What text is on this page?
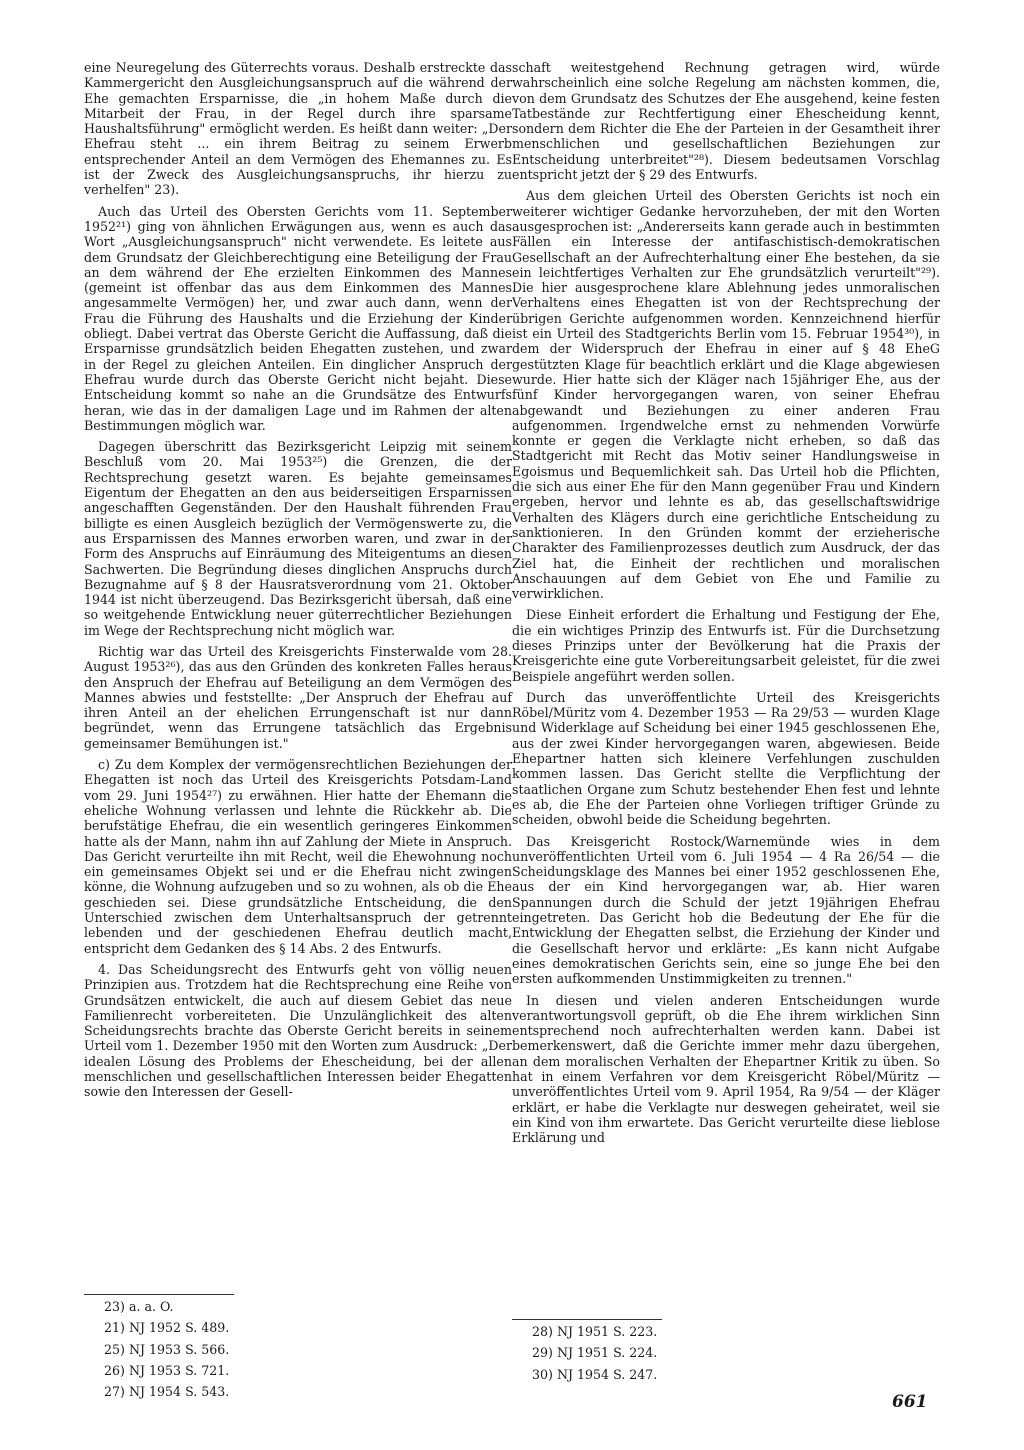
eine Neuregelung des Güterrechts voraus. Deshalb erstreckte das Kammergericht den Ausgleichungsanspruch auf die während der Ehe gemachten Ersparnisse, die „in hohem Maße durch die Mitarbeit der Frau, in der Regel durch ihre sparsame Haushaltsführung" ermöglicht werden. Es heißt dann weiter: „Der Ehefrau steht ... ein ihrem Beitrag zu seinem Erwerb entsprechender Anteil an dem Vermögen des Ehemannes zu. Es ist der Zweck des Ausgleichungsanspruchs, ihr hierzu zu verhelfen" 23).

Auch das Urteil des Obersten Gerichts vom 11. September 1952²¹) ging von ähnlichen Erwägungen aus, wenn es auch das Wort „Ausgleichungsanspruch" nicht verwendete. Es leitete aus dem Grundsatz der Gleichberechtigung eine Beteiligung der Frau an dem während der Ehe erzielten Einkommen des Mannes (gemeint ist offenbar das aus dem Einkommen des Mannes angesammelte Vermögen) her, und zwar auch dann, wenn der Frau die Führung des Haushalts und die Erziehung der Kinder obliegt. Dabei vertrat das Oberste Gericht die Auffassung, daß die Ersparnisse grundsätzlich beiden Ehegatten zustehen, und zwar in der Regel zu gleichen Anteilen. Ein dinglicher Anspruch der Ehefrau wurde durch das Oberste Gericht nicht bejaht. Diese Entscheidung kommt so nahe an die Grundsätze des Entwurfs heran, wie das in der damaligen Lage und im Rahmen der alten Bestimmungen möglich war.

Dagegen überschritt das Bezirksgericht Leipzig mit seinem Beschluß vom 20. Mai 1953²⁵) die Grenzen, die der Rechtsprechung gesetzt waren. Es bejahte gemeinsames Eigentum der Ehegatten an den aus beiderseitigen Ersparnissen angeschafften Gegenständen. Der den Haushalt führenden Frau billigte es einen Ausgleich bezüglich der Vermögenswerte zu, die aus Ersparnissen des Mannes erworben waren, und zwar in der Form des Anspruchs auf Einräumung des Miteigentums an diesen Sachwerten. Die Begründung dieses dinglichen Anspruchs durch Bezugnahme auf § 8 der Hausratsverordnung vom 21. Oktober 1944 ist nicht überzeugend. Das Bezirksgericht übersah, daß eine so weitgehende Entwicklung neuer güterrechtlicher Beziehungen im Wege der Rechtsprechung nicht möglich war.

Richtig war das Urteil des Kreisgerichts Finsterwalde vom 28. August 1953²⁶), das aus den Gründen des konkreten Falles heraus den Anspruch der Ehefrau auf Beteiligung an dem Vermögen des Mannes abwies und feststellte: „Der Anspruch der Ehefrau auf ihren Anteil an der ehelichen Errungenschaft ist nur dann begründet, wenn das Errungene tatsächlich das Ergebnis gemeinsamer Bemühungen ist."

c) Zu dem Komplex der vermögensrechtlichen Beziehungen der Ehegatten ist noch das Urteil des Kreisgerichts Potsdam-Land vom 29. Juni 1954²⁷) zu erwähnen. Hier hatte der Ehemann die eheliche Wohnung verlassen und lehnte die Rückkehr ab. Die berufstätige Ehefrau, die ein wesentlich geringeres Einkommen hatte als der Mann, nahm ihn auf Zahlung der Miete in Anspruch. Das Gericht verurteilte ihn mit Recht, weil die Ehewohnung noch ein gemeinsames Objekt sei und er die Ehefrau nicht zwingen könne, die Wohnung aufzugeben und so zu wohnen, als ob die Ehe geschieden sei. Diese grundsätzliche Entscheidung, die den Unterschied zwischen dem Unterhaltsanspruch der getrennt lebenden und der geschiedenen Ehefrau deutlich macht, entspricht dem Gedanken des § 14 Abs. 2 des Entwurfs.

4. Das Scheidungsrecht des Entwurfs geht von völlig neuen Prinzipien aus. Trotzdem hat die Rechtsprechung eine Reihe von Grundsätzen entwickelt, die auch auf diesem Gebiet das neue Familienrecht vorbereiteten. Die Unzulänglichkeit des alten Scheidungsrechts brachte das Oberste Gericht bereits in seinem Urteil vom 1. Dezember 1950 mit den Worten zum Ausdruck: „Der idealen Lösung des Problems der Ehescheidung, bei der allen menschlichen und gesellschaftlichen Interessen beider Ehegatten sowie den Interessen der Gesell-

23) a. a. O.

21) NJ 1952 S. 489.

25) NJ 1953 S. 566.

26) NJ 1953 S. 721.

27) NJ 1954 S. 543.

schaft weitestgehend Rechnung getragen wird, würde wahrscheinlich eine solche Regelung am nächsten kommen, die, von dem Grundsatz des Schutzes der Ehe ausgehend, keine festen Tatbestände zur Rechtfertigung einer Ehescheidung kennt, sondern dem Richter die Ehe der Parteien in der Gesamtheit ihrer menschlichen und gesellschaftlichen Beziehungen zur Entscheidung unterbreitet"²⁸). Diesem bedeutsamen Vorschlag entspricht jetzt der § 29 des Entwurfs.

Aus dem gleichen Urteil des Obersten Gerichts ist noch ein weiterer wichtiger Gedanke hervorzuheben, der mit den Worten ausgesprochen ist: „Andererseits kann gerade auch in bestimmten Fällen ein Interesse der antifaschistisch-demokratischen Gesellschaft an der Aufrechterhaltung einer Ehe bestehen, da sie ein leichtfertiges Verhalten zur Ehe grundsätzlich verurteilt"²⁹). Die hier ausgesprochene klare Ablehnung jedes unmoralischen Verhaltens eines Ehegatten ist von der Rechtsprechung der übrigen Gerichte aufgenommen worden. Kennzeichnend hierfür ist ein Urteil des Stadtgerichts Berlin vom 15. Februar 1954³⁰), in dem der Widerspruch der Ehefrau in einer auf § 48 EheG gestützten Klage für beachtlich erklärt und die Klage abgewiesen wurde. Hier hatte sich der Kläger nach 15jähriger Ehe, aus der fünf Kinder hervorgegangen waren, von seiner Ehefrau abgewandt und Beziehungen zu einer anderen Frau aufgenommen. Irgendwelche ernst zu nehmenden Vorwürfe konnte er gegen die Verklagte nicht erheben, so daß das Stadtgericht mit Recht das Motiv seiner Handlungsweise in Egoismus und Bequemlichkeit sah. Das Urteil hob die Pflichten, die sich aus einer Ehe für den Mann gegenüber Frau und Kindern ergeben, hervor und lehnte es ab, das gesellschaftswidrige Verhalten des Klägers durch eine gerichtliche Entscheidung zu sanktionieren. In den Gründen kommt der erzieherische Charakter des Familienprozesses deutlich zum Ausdruck, der das Ziel hat, die Einheit der rechtlichen und moralischen Anschauungen auf dem Gebiet von Ehe und Familie zu verwirklichen.

Diese Einheit erfordert die Erhaltung und Festigung der Ehe, die ein wichtiges Prinzip des Entwurfs ist. Für die Durchsetzung dieses Prinzips unter der Bevölkerung hat die Praxis der Kreisgerichte eine gute Vorbereitungsarbeit geleistet, für die zwei Beispiele angeführt werden sollen.

Durch das unveröffentlichte Urteil des Kreisgerichts Röbel/Müritz vom 4. Dezember 1953 — Ra 29/53 — wurden Klage und Widerklage auf Scheidung bei einer 1945 geschlossenen Ehe, aus der zwei Kinder hervorgegangen waren, abgewiesen. Beide Ehepartner hatten sich kleinere Verfehlungen zuschulden kommen lassen. Das Gericht stellte die Verpflichtung der staatlichen Organe zum Schutz bestehender Ehen fest und lehnte es ab, die Ehe der Parteien ohne Vorliegen triftiger Gründe zu scheiden, obwohl beide die Scheidung begehrten.

Das Kreisgericht Rostock/Warnemünde wies in dem unveröffentlichten Urteil vom 6. Juli 1954 — 4 Ra 26/54 — die Scheidungsklage des Mannes bei einer 1952 geschlossenen Ehe, aus der ein Kind hervorgegangen war, ab. Hier waren Spannungen durch die Schuld der jetzt 19jährigen Ehefrau eingetreten. Das Gericht hob die Bedeutung der Ehe für die Entwicklung der Ehegatten selbst, die Erziehung der Kinder und die Gesellschaft hervor und erklärte: „Es kann nicht Aufgabe eines demokratischen Gerichts sein, eine so junge Ehe bei den ersten aufkommenden Unstimmigkeiten zu trennen."

In diesen und vielen anderen Entscheidungen wurde verantwortungsvoll geprüft, ob die Ehe ihrem wirklichen Sinn entsprechend noch aufrechterhalten werden kann. Dabei ist bemerkenswert, daß die Gerichte immer mehr dazu übergehen, an dem moralischen Verhalten der Ehepartner Kritik zu üben. So hat in einem Verfahren vor dem Kreisgericht Röbel/Müritz — unveröffentlichtes Urteil vom 9. April 1954, Ra 9/54 — der Kläger erklärt, er habe die Verklagte nur deswegen geheiratet, weil sie ein Kind von ihm erwartete. Das Gericht verurteilte diese lieblose Erklärung und

28) NJ 1951 S. 223.

29) NJ 1951 S. 224.

30) NJ 1954 S. 247.

661
